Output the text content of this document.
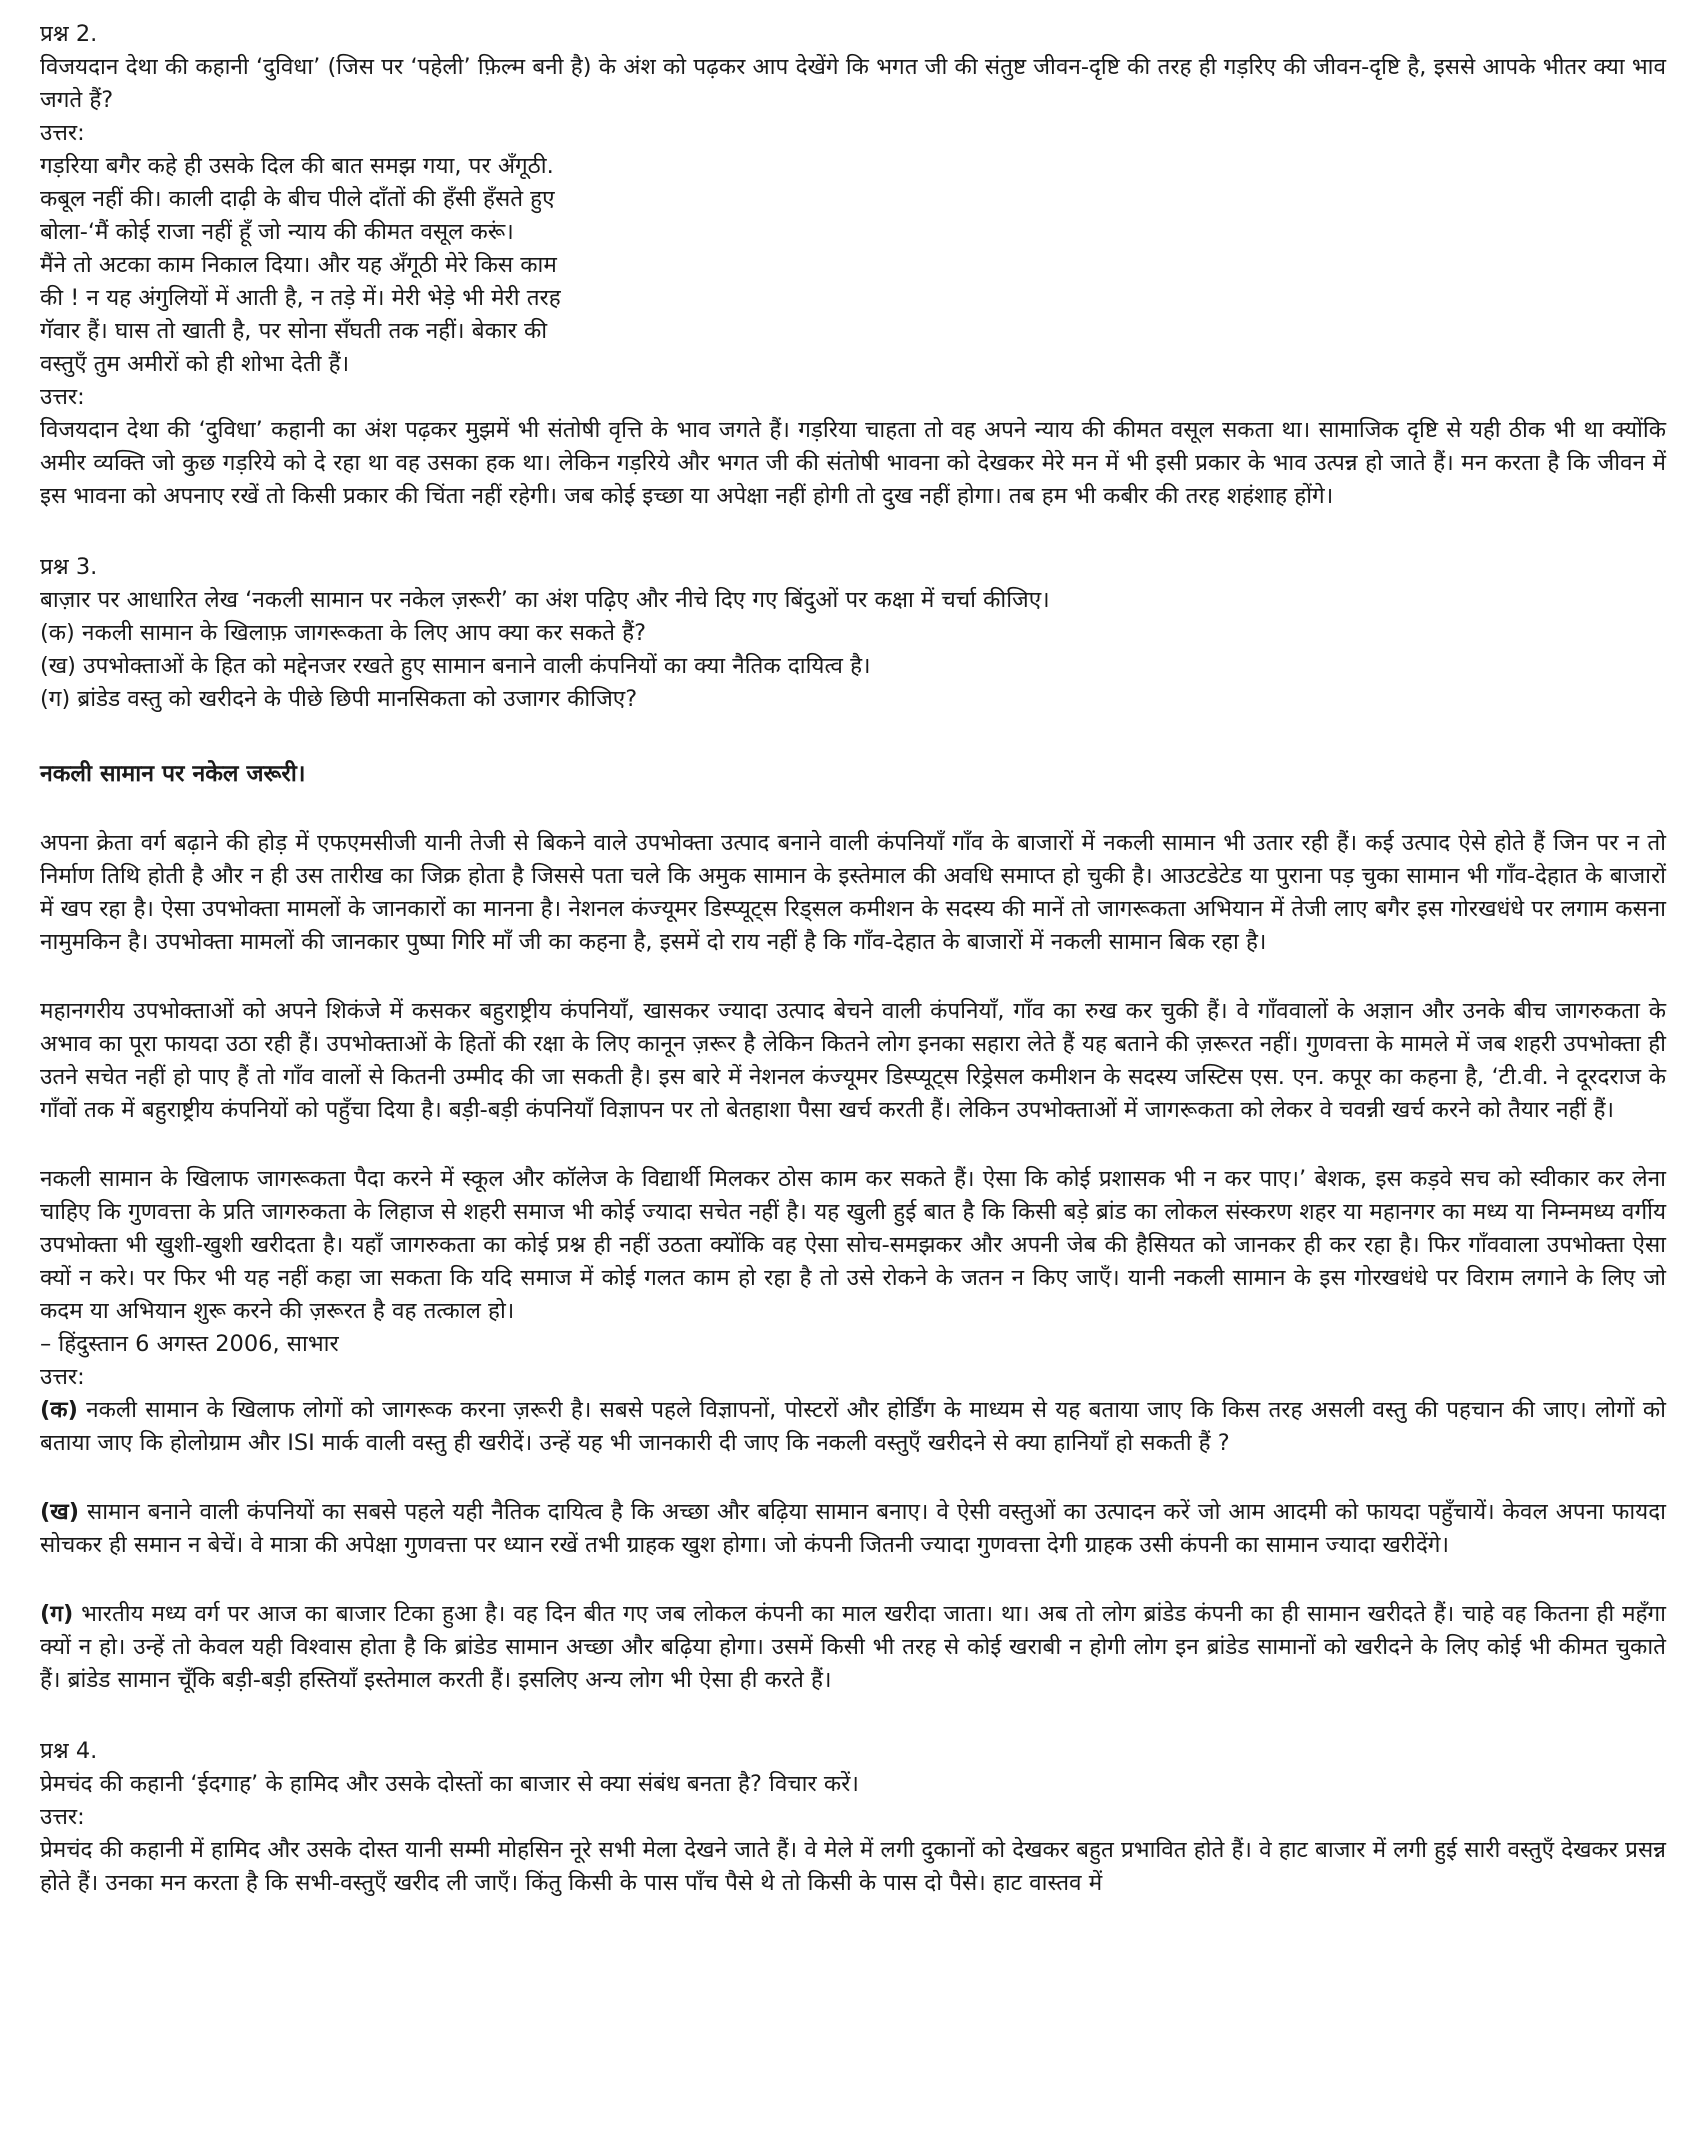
प्रश्न 2.

विजयदान देथा की कहानी ‘दुविधा’ (जिस पर ‘पहेली’ फ़िल्म बनी है) के अंश को पढ़कर आप देखेंगे कि भगत जी की संतुष्ट जीवन-दृष्टि की तरह ही गड़रिए की जीवन-दृष्टि है, इससे आपके भीतर क्या भाव जगते हैं?

उत्तर:
गड़रिया बगैर कहे ही उसके दिल की बात समझ गया, पर अँगूठी.
कबूल नहीं की। काली दाढ़ी के बीच पीले दाँतों की हँसी हँसते हुए
बोला-‘मैं कोई राजा नहीं हूँ जो न्याय की कीमत वसूल करूं।
मैंने तो अटका काम निकाल दिया। और यह अँगूठी मेरे किस काम
की ! न यह अंगुलियों में आती है, न तड़े में। मेरी भेड़े भी मेरी तरह
गॅवार हैं। घास तो खाती है, पर सोना सँघती तक नहीं। बेकार की
वस्तुएँ तुम अमीरों को ही शोभा देती हैं।
उत्तर:

विजयदान देथा की ‘दुविधा’ कहानी का अंश पढ़कर मुझमें भी संतोषी वृत्ति के भाव जगते हैं। गड़रिया चाहता तो वह अपने न्याय की कीमत वसूल सकता था। सामाजिक दृष्टि से यही ठीक भी था क्योंकि अमीर व्यक्ति जो कुछ गड़रिये को दे रहा था वह उसका हक था। लेकिन गड़रिये और भगत जी की संतोषी भावना को देखकर मेरे मन में भी इसी प्रकार के भाव उत्पन्न हो जाते हैं। मन करता है कि जीवन में इस भावना को अपनाए रखें तो किसी प्रकार की चिंता नहीं रहेगी। जब कोई इच्छा या अपेक्षा नहीं होगी तो दुख नहीं होगा। तब हम भी कबीर की तरह शहंशाह होंगे।

प्रश्न 3.

बाज़ार पर आधारित लेख ‘नकली सामान पर नकेल ज़रूरी’ का अंश पढ़िए और नीचे दिए गए बिंदुओं पर कक्षा में चर्चा कीजिए।

(क) नकली सामान के खिलाफ़ जागरूकता के लिए आप क्या कर सकते हैं?
(ख) उपभोक्ताओं के हित को मद्देनजर रखते हुए सामान बनाने वाली कंपनियों का क्या नैतिक दायित्व है।
(ग) ब्रांडेड वस्तु को खरीदने के पीछे छिपी मानसिकता को उजागर कीजिए?
नकली सामान पर नकेल जरूरी।

अपना क्रेता वर्ग बढ़ाने की होड़ में एफएमसीजी यानी तेजी से बिकने वाले उपभोक्ता उत्पाद बनाने वाली कंपनियाँ गाँव के बाजारों में नकली सामान भी उतार रही हैं। कई उत्पाद ऐसे होते हैं जिन पर न तो निर्माण तिथि होती है और न ही उस तारीख का जिक्र होता है जिससे पता चले कि अमुक सामान के इस्तेमाल की अवधि समाप्त हो चुकी है। आउटडेटेड या पुराना पड़ चुका सामान भी गाँव-देहात के बाजारों में खप रहा है। ऐसा उपभोक्ता मामलों के जानकारों का मानना है। नेशनल कंज्यूमर डिस्प्यूट्स रिड्सल कमीशन के सदस्य की मानें तो जागरूकता अभियान में तेजी लाए बगैर इस गोरखधंधे पर लगाम कसना नामुमकिन है। उपभोक्ता मामलों की जानकार पुष्पा गिरि माँ जी का कहना है, इसमें दो राय नहीं है कि गाँव-देहात के बाजारों में नकली सामान बिक रहा है।

महानगरीय उपभोक्ताओं को अपने शिकंजे में कसकर बहुराष्ट्रीय कंपनियाँ, खासकर ज्यादा उत्पाद बेचने वाली कंपनियाँ, गाँव का रुख कर चुकी हैं। वे गाँववालों के अज्ञान और उनके बीच जागरुकता के अभाव का पूरा फायदा उठा रही हैं। उपभोक्ताओं के हितों की रक्षा के लिए कानून ज़रूर है लेकिन कितने लोग इनका सहारा लेते हैं यह बताने की ज़रूरत नहीं। गुणवत्ता के मामले में जब शहरी उपभोक्ता ही उतने सचेत नहीं हो पाए हैं तो गाँव वालों से कितनी उम्मीद की जा सकती है। इस बारे में नेशनल कंज्यूमर डिस्प्यूट्स रिड्रेसल कमीशन के सदस्य जस्टिस एस. एन. कपूर का कहना है, ‘टी.वी. ने दूरदराज के गाँवों तक में बहुराष्ट्रीय कंपनियों को पहुँचा दिया है। बड़ी-बड़ी कंपनियाँ विज्ञापन पर तो बेतहाशा पैसा खर्च करती हैं। लेकिन उपभोक्ताओं में जागरूकता को लेकर वे चवन्नी खर्च करने को तैयार नहीं हैं।

नकली सामान के खिलाफ जागरूकता पैदा करने में स्कूल और कॉलेज के विद्यार्थी मिलकर ठोस काम कर सकते हैं। ऐसा कि कोई प्रशासक भी न कर पाए।’ बेशक, इस कड़वे सच को स्वीकार कर लेना चाहिए कि गुणवत्ता के प्रति जागरुकता के लिहाज से शहरी समाज भी कोई ज्यादा सचेत नहीं है। यह खुली हुई बात है कि किसी बड़े ब्रांड का लोकल संस्करण शहर या महानगर का मध्य या निम्नमध्य वर्गीय उपभोक्ता भी खुशी-खुशी खरीदता है। यहाँ जागरुकता का कोई प्रश्न ही नहीं उठता क्योंकि वह ऐसा सोच-समझकर और अपनी जेब की हैसियत को जानकर ही कर रहा है। फिर गाँववाला उपभोक्ता ऐसा क्यों न करे। पर फिर भी यह नहीं कहा जा सकता कि यदि समाज में कोई गलत काम हो रहा है तो उसे रोकने के जतन न किए जाएँ। यानी नकली सामान के इस गोरखधंधे पर विराम लगाने के लिए जो कदम या अभियान शुरू करने की ज़रूरत है वह तत्काल हो।

– हिंदुस्तान 6 अगस्त 2006, साभार
उत्तर:

(क) नकली सामान के खिलाफ लोगों को जागरूक करना ज़रूरी है। सबसे पहले विज्ञापनों, पोस्टरों और होर्डिंग के माध्यम से यह बताया जाए कि किस तरह असली वस्तु की पहचान की जाए। लोगों को बताया जाए कि होलोग्राम और ISI मार्क वाली वस्तु ही खरीदें। उन्हें यह भी जानकारी दी जाए कि नकली वस्तुएँ खरीदने से क्या हानियाँ हो सकती हैं ?

(ख) सामान बनाने वाली कंपनियों का सबसे पहले यही नैतिक दायित्व है कि अच्छा और बढ़िया सामान बनाए। वे ऐसी वस्तुओं का उत्पादन करें जो आम आदमी को फायदा पहुँचायें। केवल अपना फायदा सोचकर ही समान न बेचें। वे मात्रा की अपेक्षा गुणवत्ता पर ध्यान रखें तभी ग्राहक खुश होगा। जो कंपनी जितनी ज्यादा गुणवत्ता देगी ग्राहक उसी कंपनी का सामान ज्यादा खरीदेंगे।

(ग) भारतीय मध्य वर्ग पर आज का बाजार टिका हुआ है। वह दिन बीत गए जब लोकल कंपनी का माल खरीदा जाता। था। अब तो लोग ब्रांडेड कंपनी का ही सामान खरीदते हैं। चाहे वह कितना ही महँगा क्यों न हो। उन्हें तो केवल यही विश्वास होता है कि ब्रांडेड सामान अच्छा और बढ़िया होगा। उसमें किसी भी तरह से कोई खराबी न होगी लोग इन ब्रांडेड सामानों को खरीदने के लिए कोई भी कीमत चुकाते हैं। ब्रांडेड सामान चूँकि बड़ी-बड़ी हस्तियाँ इस्तेमाल करती हैं। इसलिए अन्य लोग भी ऐसा ही करते हैं।

प्रश्न 4.

प्रेमचंद की कहानी ‘ईदगाह’ के हामिद और उसके दोस्तों का बाजार से क्या संबंध बनता है? विचार करें।

उत्तर:

प्रेमचंद की कहानी में हामिद और उसके दोस्त यानी सम्मी मोहसिन नूरे सभी मेला देखने जाते हैं। वे मेले में लगी दुकानों को देखकर बहुत प्रभावित होते हैं। वे हाट बाजार में लगी हुई सारी वस्तुएँ देखकर प्रसन्न होते हैं। उनका मन करता है कि सभी-वस्तुएँ खरीद ली जाएँ। किंतु किसी के पास पाँच पैसे थे तो किसी के पास दो पैसे। हाट वास्तव में
